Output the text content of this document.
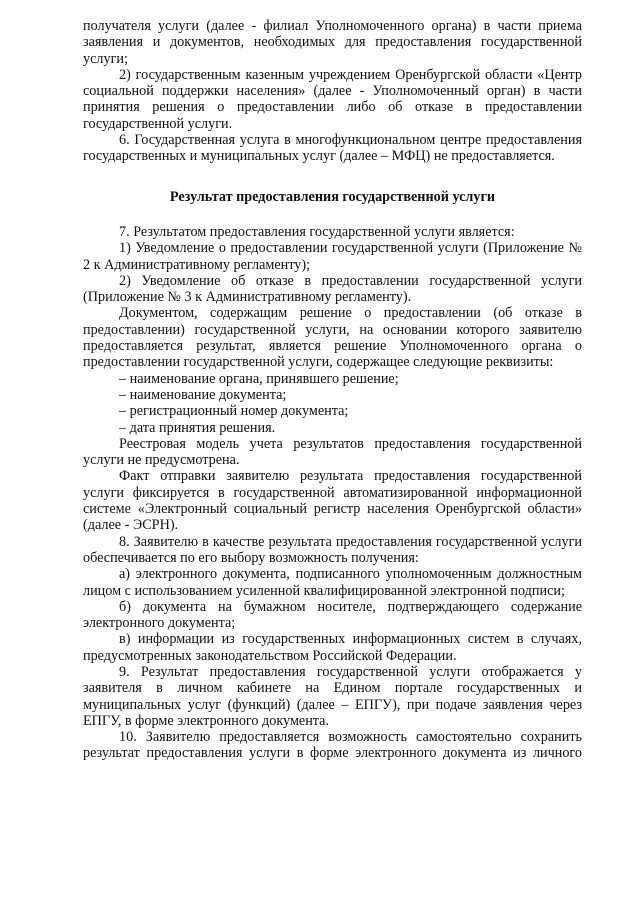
получателя услуги (далее - филиал Уполномоченного органа) в части приема заявления и документов, необходимых для предоставления государственной услуги;

2) государственным казенным учреждением Оренбургской области «Центр социальной поддержки населения» (далее - Уполномоченный орган) в части принятия решения о предоставлении либо об отказе в предоставлении государственной услуги.

6. Государственная услуга в многофункциональном центре предоставления государственных и муниципальных услуг (далее – МФЦ) не предоставляется.

Результат предоставления государственной услуги

7. Результатом предоставления государственной услуги является:

1) Уведомление о предоставлении государственной услуги (Приложение № 2 к Административному регламенту);

2) Уведомление об отказе в предоставлении государственной услуги (Приложение № 3 к Административному регламенту).

Документом, содержащим решение о предоставлении (об отказе в предоставлении) государственной услуги, на основании которого заявителю предоставляется результат, является решение Уполномоченного органа о предоставлении государственной услуги, содержащее следующие реквизиты:

– наименование органа, принявшего решение;

– наименование документа;

– регистрационный номер документа;

– дата принятия решения.

Реестровая модель учета результатов предоставления государственной услуги не предусмотрена.

Факт отправки заявителю результата предоставления государственной услуги фиксируется в государственной автоматизированной информационной системе «Электронный социальный регистр населения Оренбургской области» (далее - ЭСРН).

8. Заявителю в качестве результата предоставления государственной услуги обеспечивается по его выбору возможность получения:

а) электронного документа, подписанного уполномоченным должностным лицом с использованием усиленной квалифицированной электронной подписи;

б) документа на бумажном носителе, подтверждающего содержание электронного документа;

в) информации из государственных информационных систем в случаях, предусмотренных законодательством Российской Федерации.

9. Результат предоставления государственной услуги отображается у заявителя в личном кабинете на Едином портале государственных и муниципальных услуг (функций) (далее – ЕПГУ), при подаче заявления через ЕПГУ, в форме электронного документа.

10. Заявителю предоставляется возможность самостоятельно сохранить результат предоставления услуги в форме электронного документа из личного
